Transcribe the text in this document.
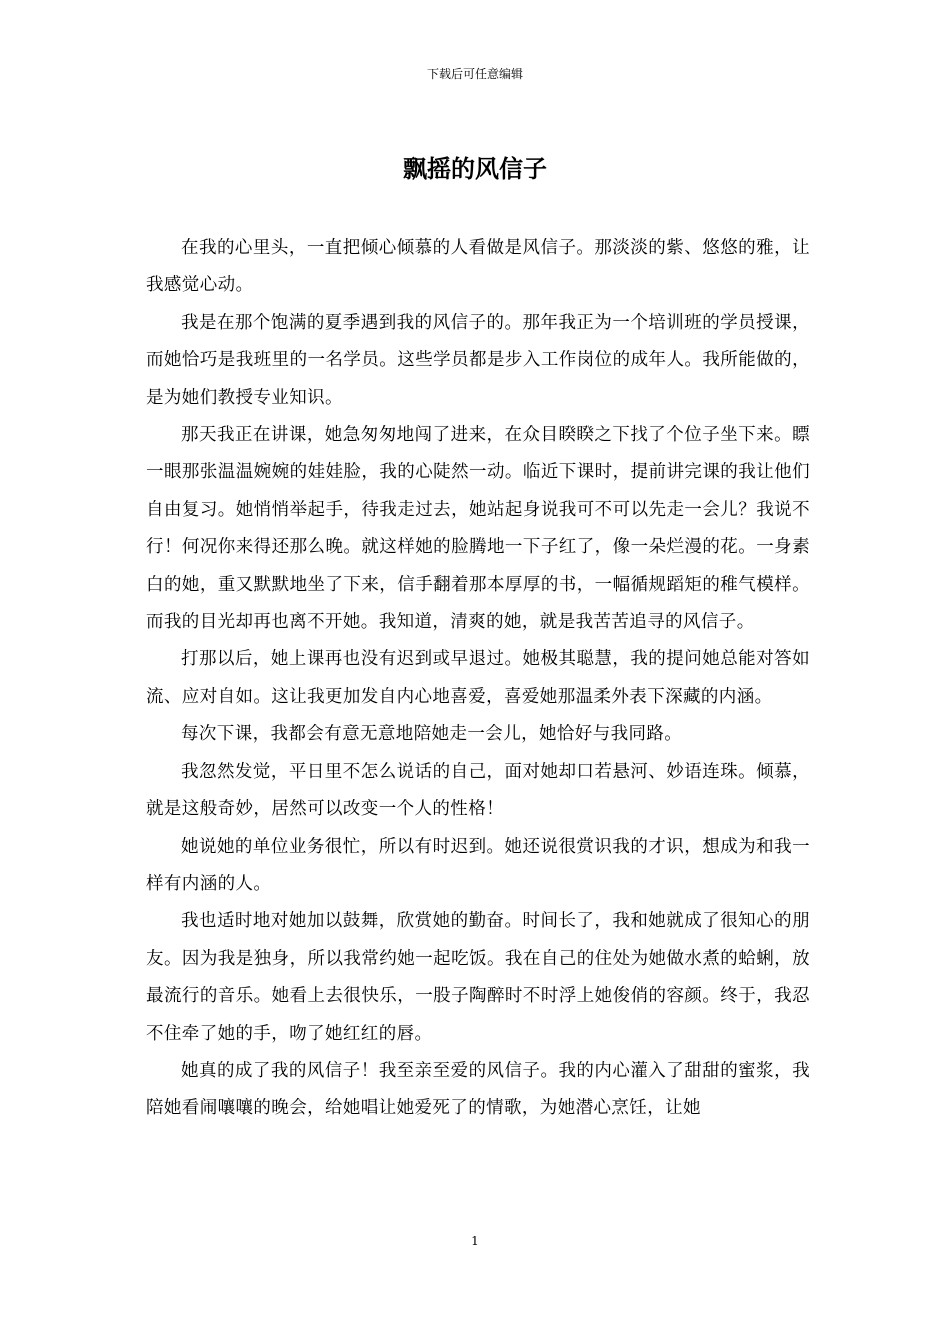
下载后可任意编辑
飘摇的风信子

在我的心里头，一直把倾心倾慕的人看做是风信子。那淡淡的紫、悠悠的雅，让我感觉心动。

我是在那个饱满的夏季遇到我的风信子的。那年我正为一个培训班的学员授课，而她恰巧是我班里的一名学员。这些学员都是步入工作岗位的成年人。我所能做的，是为她们教授专业知识。

那天我正在讲课，她急匆匆地闯了进来，在众目睽睽之下找了个位子坐下来。瞟一眼那张温温婉婉的娃娃脸，我的心陡然一动。临近下课时，提前讲完课的我让他们自由复习。她悄悄举起手，待我走过去，她站起身说我可不可以先走一会儿？我说不行！何况你来得还那么晚。就这样她的脸腾地一下子红了，像一朵烂漫的花。一身素白的她，重又默默地坐了下来，信手翻着那本厚厚的书，一幅循规蹈矩的稚气模样。而我的目光却再也离不开她。我知道，清爽的她，就是我苦苦追寻的风信子。

打那以后，她上课再也没有迟到或早退过。她极其聪慧，我的提问她总能对答如流、应对自如。这让我更加发自内心地喜爱，喜爱她那温柔外表下深藏的内涵。

每次下课，我都会有意无意地陪她走一会儿，她恰好与我同路。

我忽然发觉，平日里不怎么说话的自己，面对她却口若悬河、妙语连珠。倾慕，就是这般奇妙，居然可以改变一个人的性格！

她说她的单位业务很忙，所以有时迟到。她还说很赏识我的才识，想成为和我一样有内涵的人。

我也适时地对她加以鼓舞，欣赏她的勤奋。时间长了，我和她就成了很知心的朋友。因为我是独身，所以我常约她一起吃饭。我在自己的住处为她做水煮的蛤蜊，放最流行的音乐。她看上去很快乐，一股子陶醉时不时浮上她俊俏的容颜。终于，我忍不住牵了她的手，吻了她红红的唇。

她真的成了我的风信子！我至亲至爱的风信子。我的内心灌入了甜甜的蜜浆，我陪她看闹嚷嚷的晚会，给她唱让她爱死了的情歌，为她潜心烹饪，让她

1
